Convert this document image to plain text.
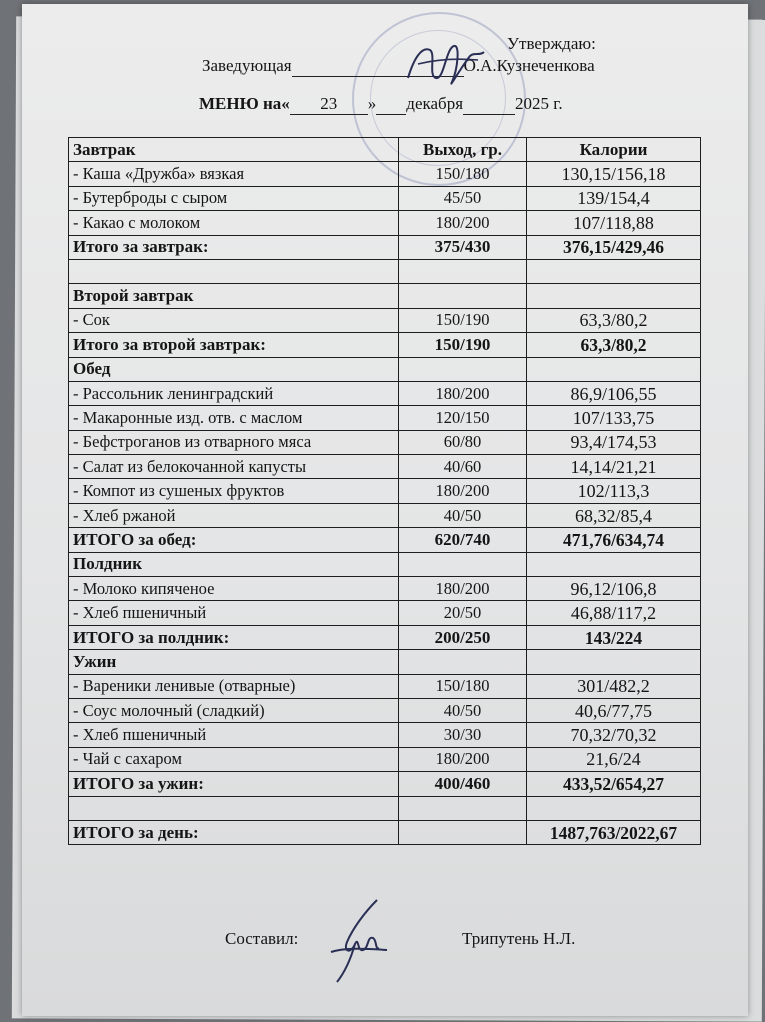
Утверждаю:
Заведующая	О.А.Кузнеченкова
МЕНЮ на« 23 » декабря	2025 г.
Завтрак	Выход, гр.	Калории
- Каша «Дружба» вязкая	150/180	130,15/156,18
- Бутерброды с сыром	45/50	139/154,4
- Какао с молоком	180/200	107/118,88
Итого за завтрак:	375/430	376,15/429,46

Второй завтрак		
- Сок	150/190	63,3/80,2
Итого за второй завтрак:	150/190	63,3/80,2
Обед		
- Рассольник ленинградский	180/200	86,9/106,55
- Макаронные изд. отв. с маслом	120/150	107/133,75
- Бефстроганов из отварного мяса	60/80	93,4/174,53
- Салат из белокочанной капусты	40/60	14,14/21,21
- Компот из сушеных фруктов	180/200	102/113,3
- Хлеб ржаной	40/50	68,32/85,4
ИТОГО за обед:	620/740	471,76/634,74
Полдник		
- Молоко кипяченое	180/200	96,12/106,8
- Хлеб пшеничный	20/50	46,88/117,2
ИТОГО за полдник:	200/250	143/224
Ужин		
- Вареники ленивые (отварные)	150/180	301/482,2
- Соус молочный (сладкий)	40/50	40,6/77,75
- Хлеб пшеничный	30/30	70,32/70,32
- Чай с сахаром	180/200	21,6/24
ИТОГО за ужин:	400/460	433,52/654,27

ИТОГО за день:		1487,763/2022,67
Составил:	Трипутень Н.Л.
